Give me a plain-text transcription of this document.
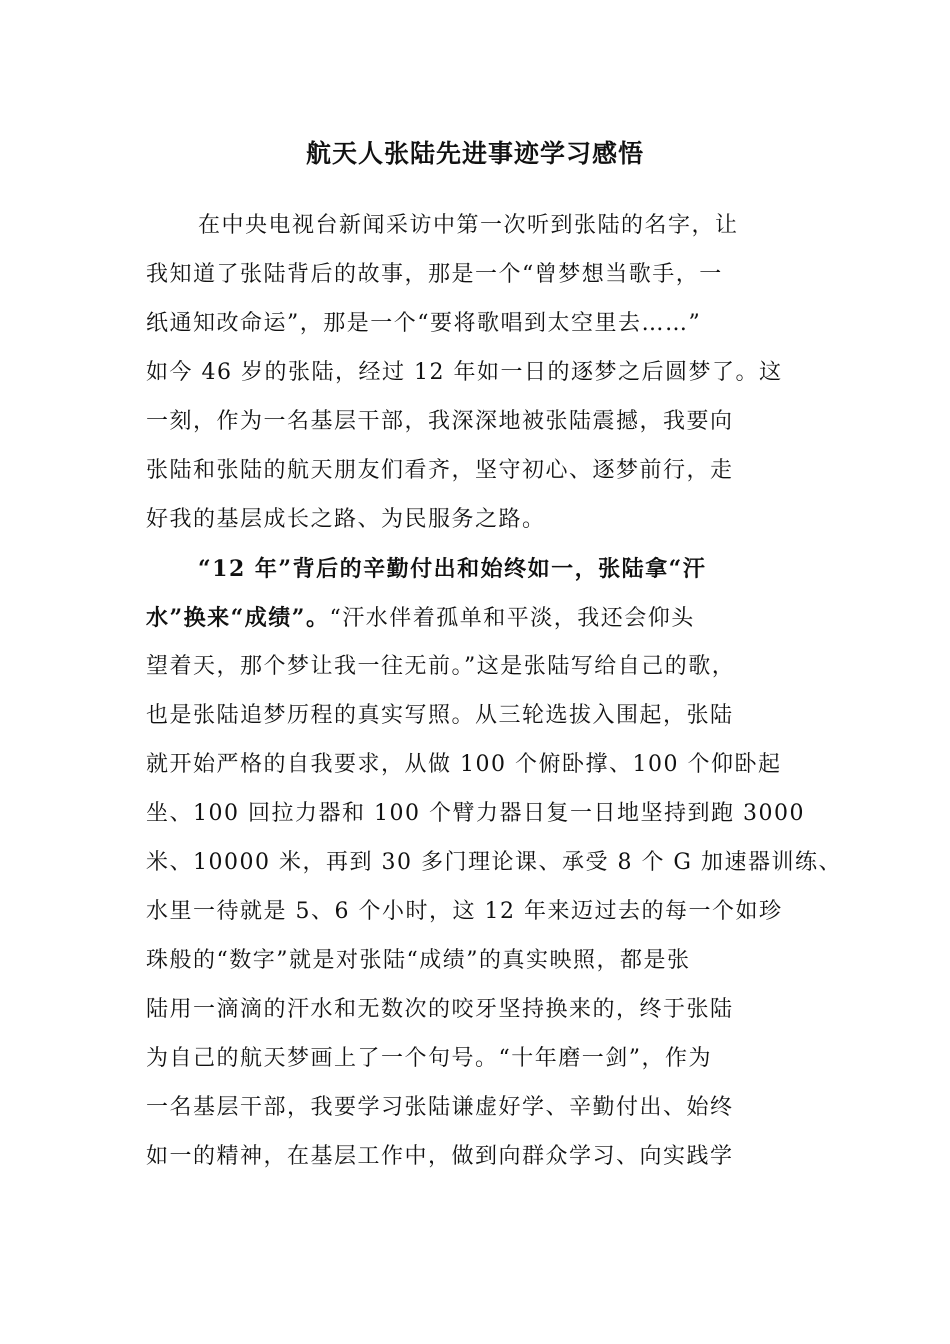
航天人张陆先进事迹学习感悟
在中央电视台新闻采访中第一次听到张陆的名字，让
我知道了张陆背后的故事，那是一个“曾梦想当歌手，一
纸通知改命运”，那是一个“要将歌唱到太空里去……”
如今 46 岁的张陆，经过 12 年如一日的逐梦之后圆梦了。这
一刻，作为一名基层干部，我深深地被张陆震撼，我要向
张陆和张陆的航天朋友们看齐，坚守初心、逐梦前行，走
好我的基层成长之路、为民服务之路。
“12 年”背后的辛勤付出和始终如一，张陆拿“汗
水”换来“成绩”。“汗水伴着孤单和平淡，我还会仰头
望着天，那个梦让我一往无前。”这是张陆写给自己的歌，
也是张陆追梦历程的真实写照。从三轮选拔入围起，张陆
就开始严格的自我要求，从做 100 个俯卧撑、100 个仰卧起
坐、100 回拉力器和 100 个臂力器日复一日地坚持到跑 3000
米、10000 米，再到 30 多门理论课、承受 8 个 G 加速器训练、
水里一待就是 5、6 个小时，这 12 年来迈过去的每一个如珍
珠般的“数字”就是对张陆“成绩”的真实映照，都是张
陆用一滴滴的汗水和无数次的咬牙坚持换来的，终于张陆
为自己的航天梦画上了一个句号。“十年磨一剑”，作为
一名基层干部，我要学习张陆谦虚好学、辛勤付出、始终
如一的精神，在基层工作中，做到向群众学习、向实践学
